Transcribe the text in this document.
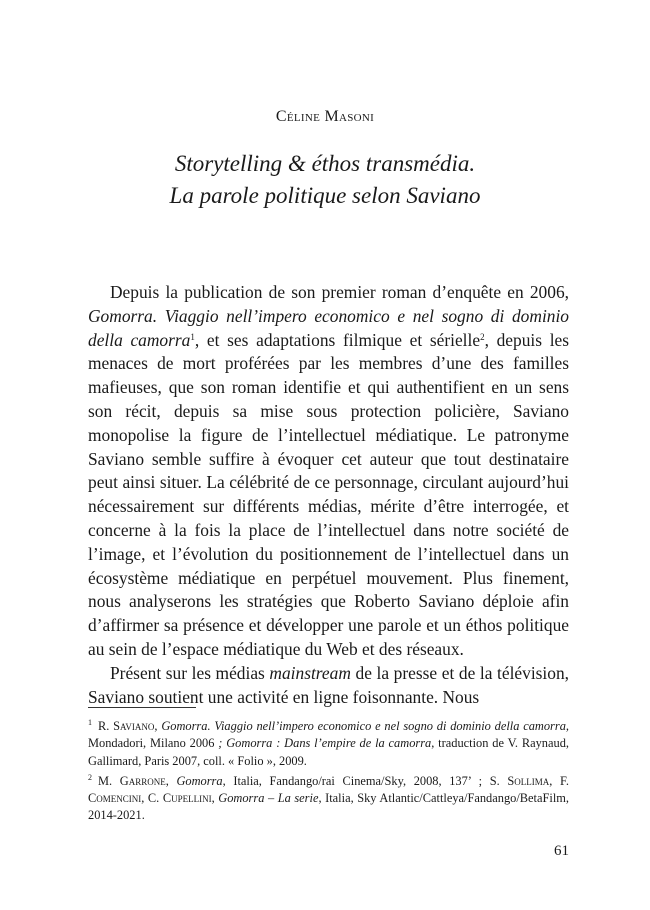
Céline Masoni
Storytelling & éthos transmédia.
La parole politique selon Saviano

Depuis la publication de son premier roman d’enquête en 2006, Gomorra. Viaggio nell’impero economico e nel sogno di dominio della camorra$^1$, et ses adaptations filmique et sérielle$^2$, depuis les menaces de mort proférées par les membres d’une des familles mafieuses, que son roman identifie et qui authentifient en un sens son récit, depuis sa mise sous protection policière, Saviano monopolise la figure de l’intellectuel médiatique. Le patronyme Saviano semble suffire à évoquer cet auteur que tout destinataire peut ainsi situer. La célébrité de ce personnage, circulant aujourd’hui nécessairement sur différents médias, mérite d’être interrogée, et concerne à la fois la place de l’intellectuel dans notre société de l’image, et l’évolution du positionnement de l’intellectuel dans un écosystème médiatique en perpétuel mouvement. Plus finement, nous analyserons les stratégies que Roberto Saviano déploie afin d’affirmer sa présence et développer une parole et un éthos politique au sein de l’espace médiatique du Web et des réseaux.

Présent sur les médias mainstream de la presse et de la télévision, Saviano soutient une activité en ligne foisonnante. Nous

$^1$ R. Saviano, Gomorra. Viaggio nell’impero economico e nel sogno di dominio della camorra, Mondadori, Milano 2006 ; Gomorra : Dans l’empire de la camorra, traduction de V. Raynaud, Gallimard, Paris 2007, coll. « Folio », 2009.

$^2$ M. Garrone, Gomorra, Italia, Fandango/rai Cinema/Sky, 2008, 137’ ; S. Sollima, F. Comencini, C. Cupellini, Gomorra – La serie, Italia, Sky Atlantic/Cattleya/Fandango/BetaFilm, 2014-2021.

61
